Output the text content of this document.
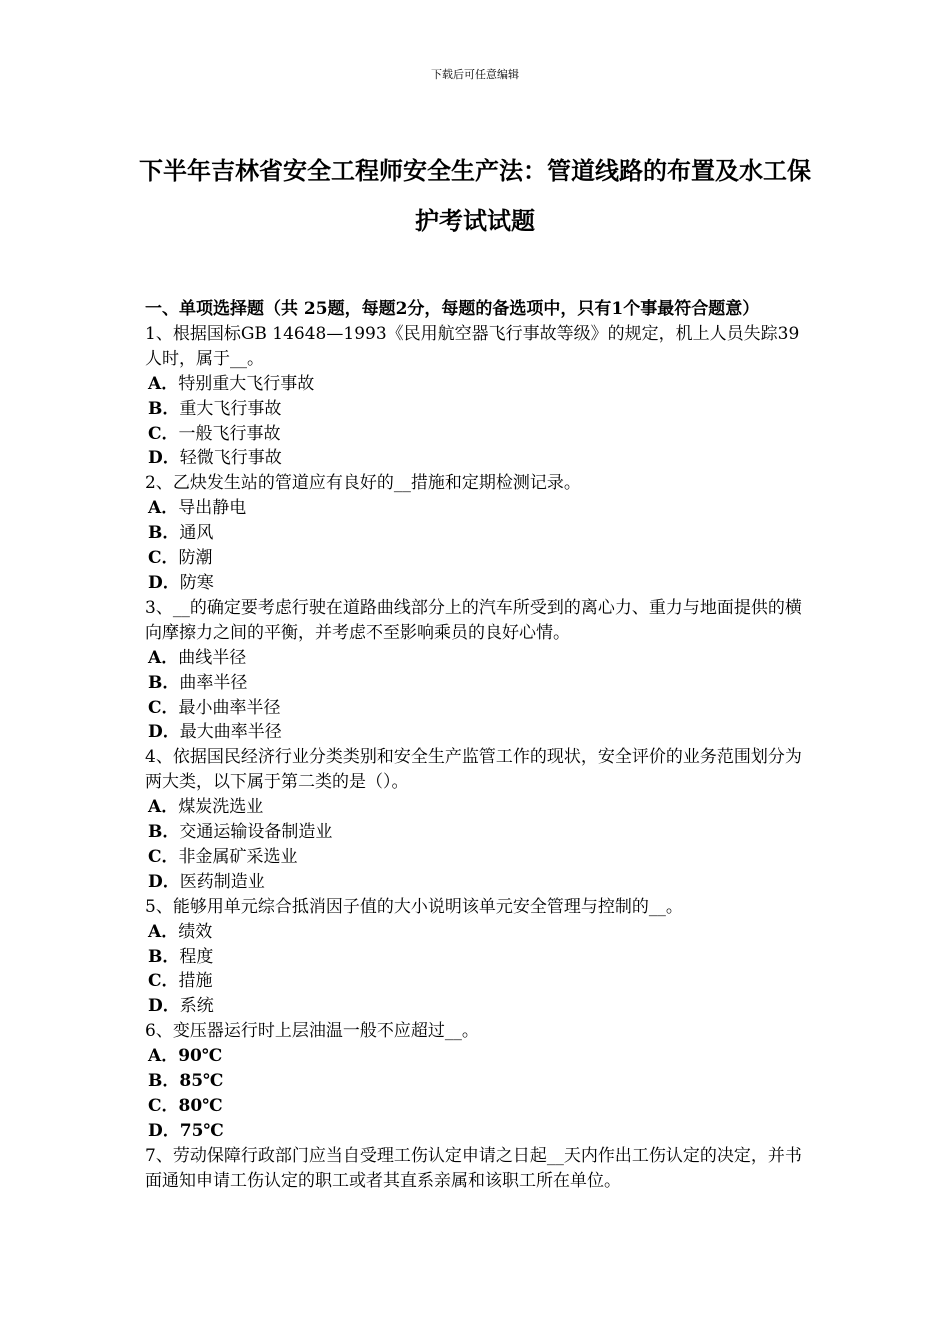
下载后可任意编辑
下半年吉林省安全工程师安全生产法：管道线路的布置及水工保护考试试题
一、单项选择题（共 25题，每题2分，每题的备选项中，只有1个事最符合题意）

1、根据国标GB 14648—1993《民用航空器飞行事故等级》的规定，机上人员失踪39人时，属于__。

A．特别重大飞行事故

B．重大飞行事故

C．一般飞行事故

D．轻微飞行事故

2、乙炔发生站的管道应有良好的__措施和定期检测记录。

A．导出静电

B．通风

C．防潮

D．防寒

3、__的确定要考虑行驶在道路曲线部分上的汽车所受到的离心力、重力与地面提供的横向摩擦力之间的平衡，并考虑不至影响乘员的良好心情。

A．曲线半径

B．曲率半径

C．最小曲率半径

D．最大曲率半径

4、依据国民经济行业分类类别和安全生产监管工作的现状，安全评价的业务范围划分为两大类，以下属于第二类的是（）。

A．煤炭洗选业

B．交通运输设备制造业

C．非金属矿采选业

D．医药制造业

5、能够用单元综合抵消因子值的大小说明该单元安全管理与控制的__。

A．绩效

B．程度

C．措施

D．系统

6、变压器运行时上层油温一般不应超过__。

A．90℃

B．85℃

C．80℃

D．75℃

7、劳动保障行政部门应当自受理工伤认定申请之日起__天内作出工伤认定的决定，并书面通知申请工伤认定的职工或者其直系亲属和该职工所在单位。
